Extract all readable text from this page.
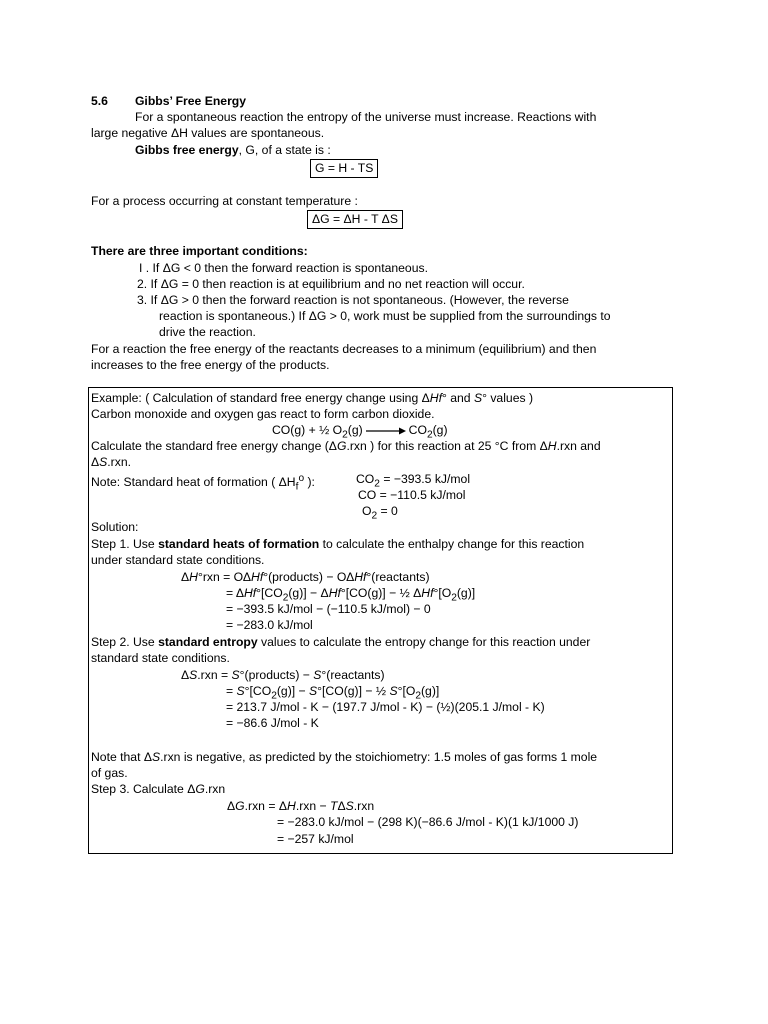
5.6 Gibbs’ Free Energy
For a spontaneous reaction the entropy of the universe must increase. Reactions with
large negative ΔH values are spontaneous.
Gibbs free energy, G, of a state is :
G = H - TS
For a process occurring at constant temperature :
ΔG = ΔH - T ΔS
There are three important conditions:
I . If ΔG < 0 then the forward reaction is spontaneous.
2. If ΔG = 0 then reaction is at equilibrium and no net reaction will occur.
3. If ΔG > 0 then the forward reaction is not spontaneous. (However, the reverse
reaction is spontaneous.) If ΔG > 0, work must be supplied from the surroundings to
drive the reaction.
For a reaction the free energy of the reactants decreases to a minimum (equilibrium) and then
increases to the free energy of the products.
Example: ( Calculation of standard free energy change using ΔHf° and S° values )
Carbon monoxide and oxygen gas react to form carbon dioxide.
CO(g) + ½ $O_2(g) \to CO_2(g)$
Calculate the standard free energy change (ΔG.rxn ) for this reaction at 25 °C from ΔH.rxn and
ΔS.rxn.
Note: Standard heat of formation ( $\Delta H_f^o$ ):	$CO_2 = -393.5$ kJ/mol
CO = −110.5 kJ/mol
$O_2 = 0$
Solution:
Step 1. Use standard heats of formation to calculate the enthalpy change for this reaction
under standard state conditions.
ΔH°rxn = ΟΔHf°(products) − ΟΔHf°(reactants)
= $\Delta Hf^\circ[CO_2(g)] - \Delta Hf^\circ[CO(g)]$ − ½ $\Delta Hf^\circ[O_2(g)]$
= −393.5 kJ/mol − (−110.5 kJ/mol) − 0
= −283.0 kJ/mol
Step 2. Use standard entropy values to calculate the entropy change for this reaction under
standard state conditions.
ΔS.rxn = S°(products) − S°(reactants)
= $S^\circ[CO_2(g)] - S^\circ[CO(g)]$ − ½ $S^\circ[O_2(g)]$
= 213.7 J/mol - K − (197.7 J/mol - K) − (½)(205.1 J/mol - K)
= −86.6 J/mol - K
Note that ΔS.rxn is negative, as predicted by the stoichiometry: 1.5 moles of gas forms 1 mole
of gas.
Step 3. Calculate ΔG.rxn
ΔG.rxn = ΔH.rxn − TΔS.rxn
= −283.0 kJ/mol − (298 K)(−86.6 J/mol - K)(1 kJ/1000 J)
= −257 kJ/mol
